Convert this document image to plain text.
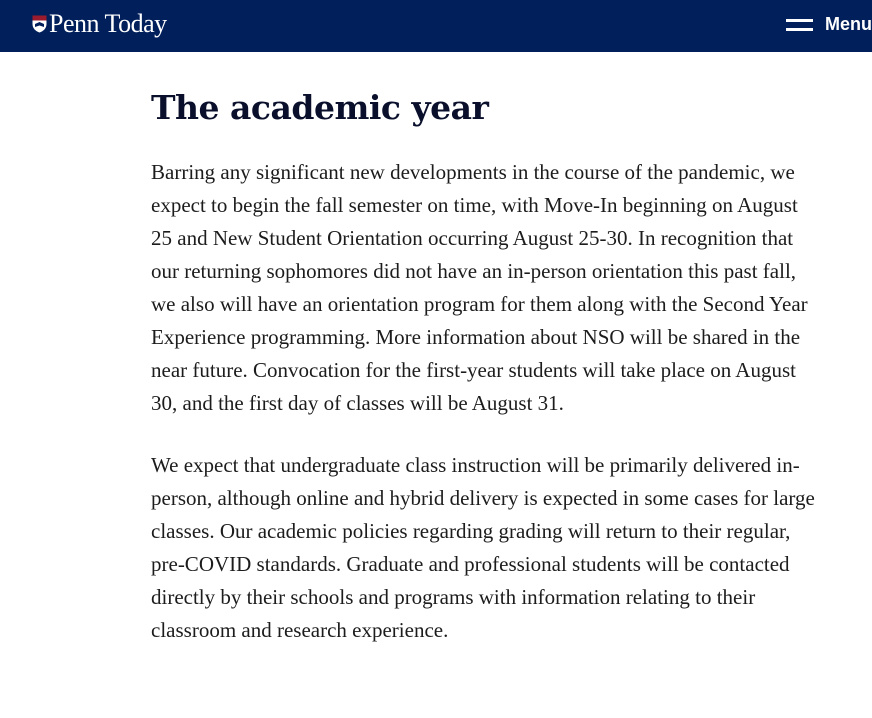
Penn Today	Menu
The academic year

Barring any significant new developments in the course of the pandemic, we expect to begin the fall semester on time, with Move-In beginning on August 25 and New Student Orientation occurring August 25-30. In recognition that our returning sophomores did not have an in-person orientation this past fall, we also will have an orientation program for them along with the Second Year Experience programming. More information about NSO will be shared in the near future. Convocation for the first-year students will take place on August 30, and the first day of classes will be August 31.

We expect that undergraduate class instruction will be primarily delivered in-person, although online and hybrid delivery is expected in some cases for large classes. Our academic policies regarding grading will return to their regular, pre-COVID standards. Graduate and professional students will be contacted directly by their schools and programs with information relating to their classroom and research experience.
